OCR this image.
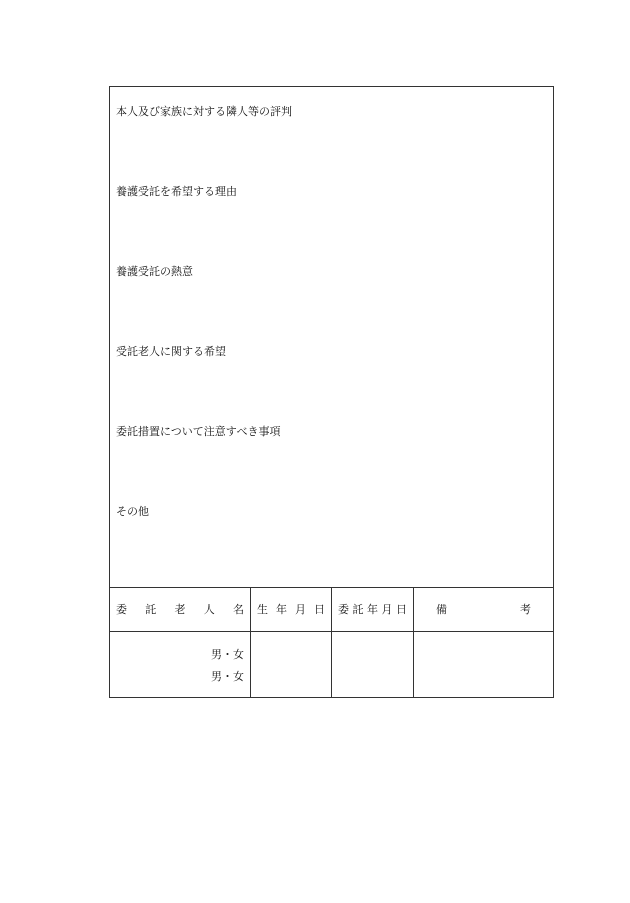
本人及び家族に対する隣人等の評判
養護受託を希望する理由
養護受託の熱意
受託老人に関する希望
委託措置について注意すべき事項
その他
委 託 老 人 名 生 年 月 日 委 託 年 月 日	備	考
男・女
男・女
